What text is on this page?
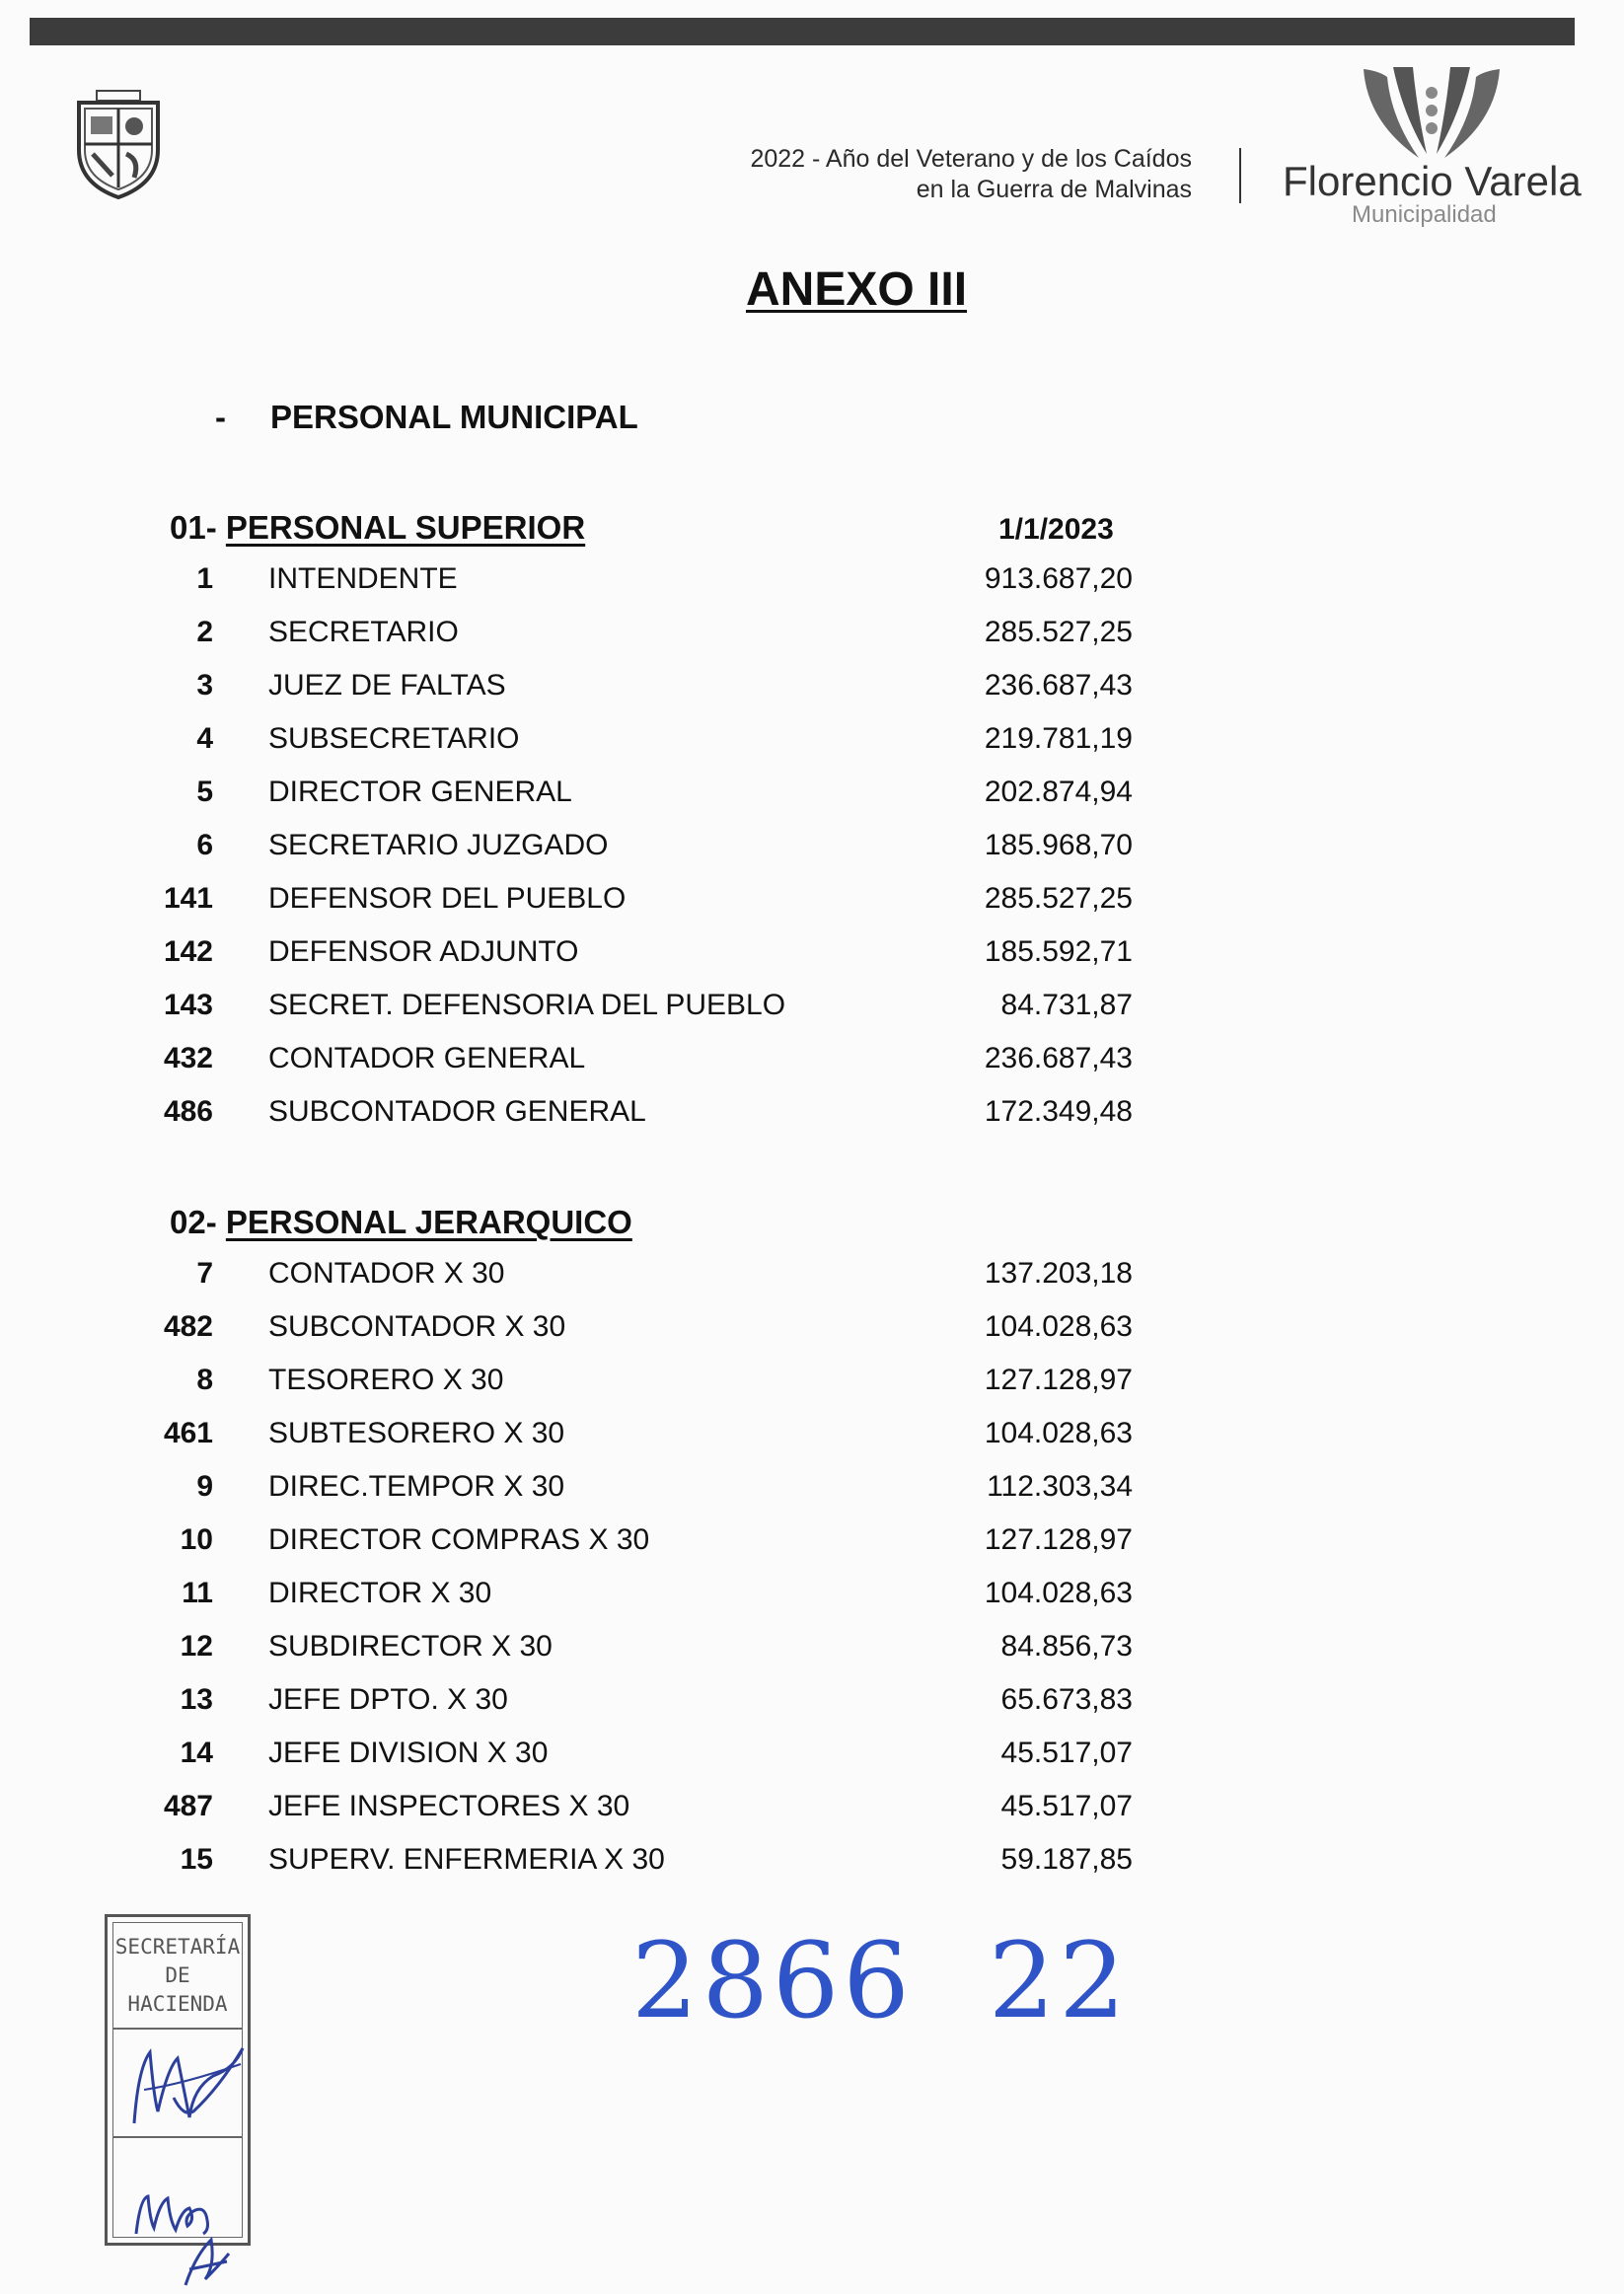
2022 - Año del Veterano y de los Caídos
en la Guerra de Malvinas Florencio Varela
Municipalidad
ANEXO III
- PERSONAL MUNICIPAL
1/1/2023
01- PERSONAL SUPERIOR
1 INTENDENTE	913.687,20
2 SECRETARIO	285.527,25
3 JUEZ DE FALTAS	236.687,43
4 SUBSECRETARIO	219.781,19
5 DIRECTOR GENERAL	202.874,94
6 SECRETARIO JUZGADO	185.968,70
141 DEFENSOR DEL PUEBLO	285.527,25
142 DEFENSOR ADJUNTO	185.592,71
143 SECRET. DEFENSORIA DEL PUEBLO	84.731,87
432 CONTADOR GENERAL	236.687,43
486 SUBCONTADOR GENERAL	172.349,48
02- PERSONAL JERARQUICO
7 CONTADOR X 30	137.203,18
482 SUBCONTADOR X 30	104.028,63
8 TESORERO X 30	127.128,97
461 SUBTESORERO X 30	104.028,63
9 DIREC.TEMPOR X 30	112.303,34
10 DIRECTOR COMPRAS X 30	127.128,97
11 DIRECTOR X 30	104.028,63
12 SUBDIRECTOR X 30	84.856,73
13 JEFE DPTO. X 30	65.673,83
14 JEFE DIVISION X 30	45.517,07
487 JEFE INSPECTORES X 30	45.517,07
15 SUPERV. ENFERMERIA X 30	59.187,85
SECRETARÍA
DE
HACIENDA	2866 22
